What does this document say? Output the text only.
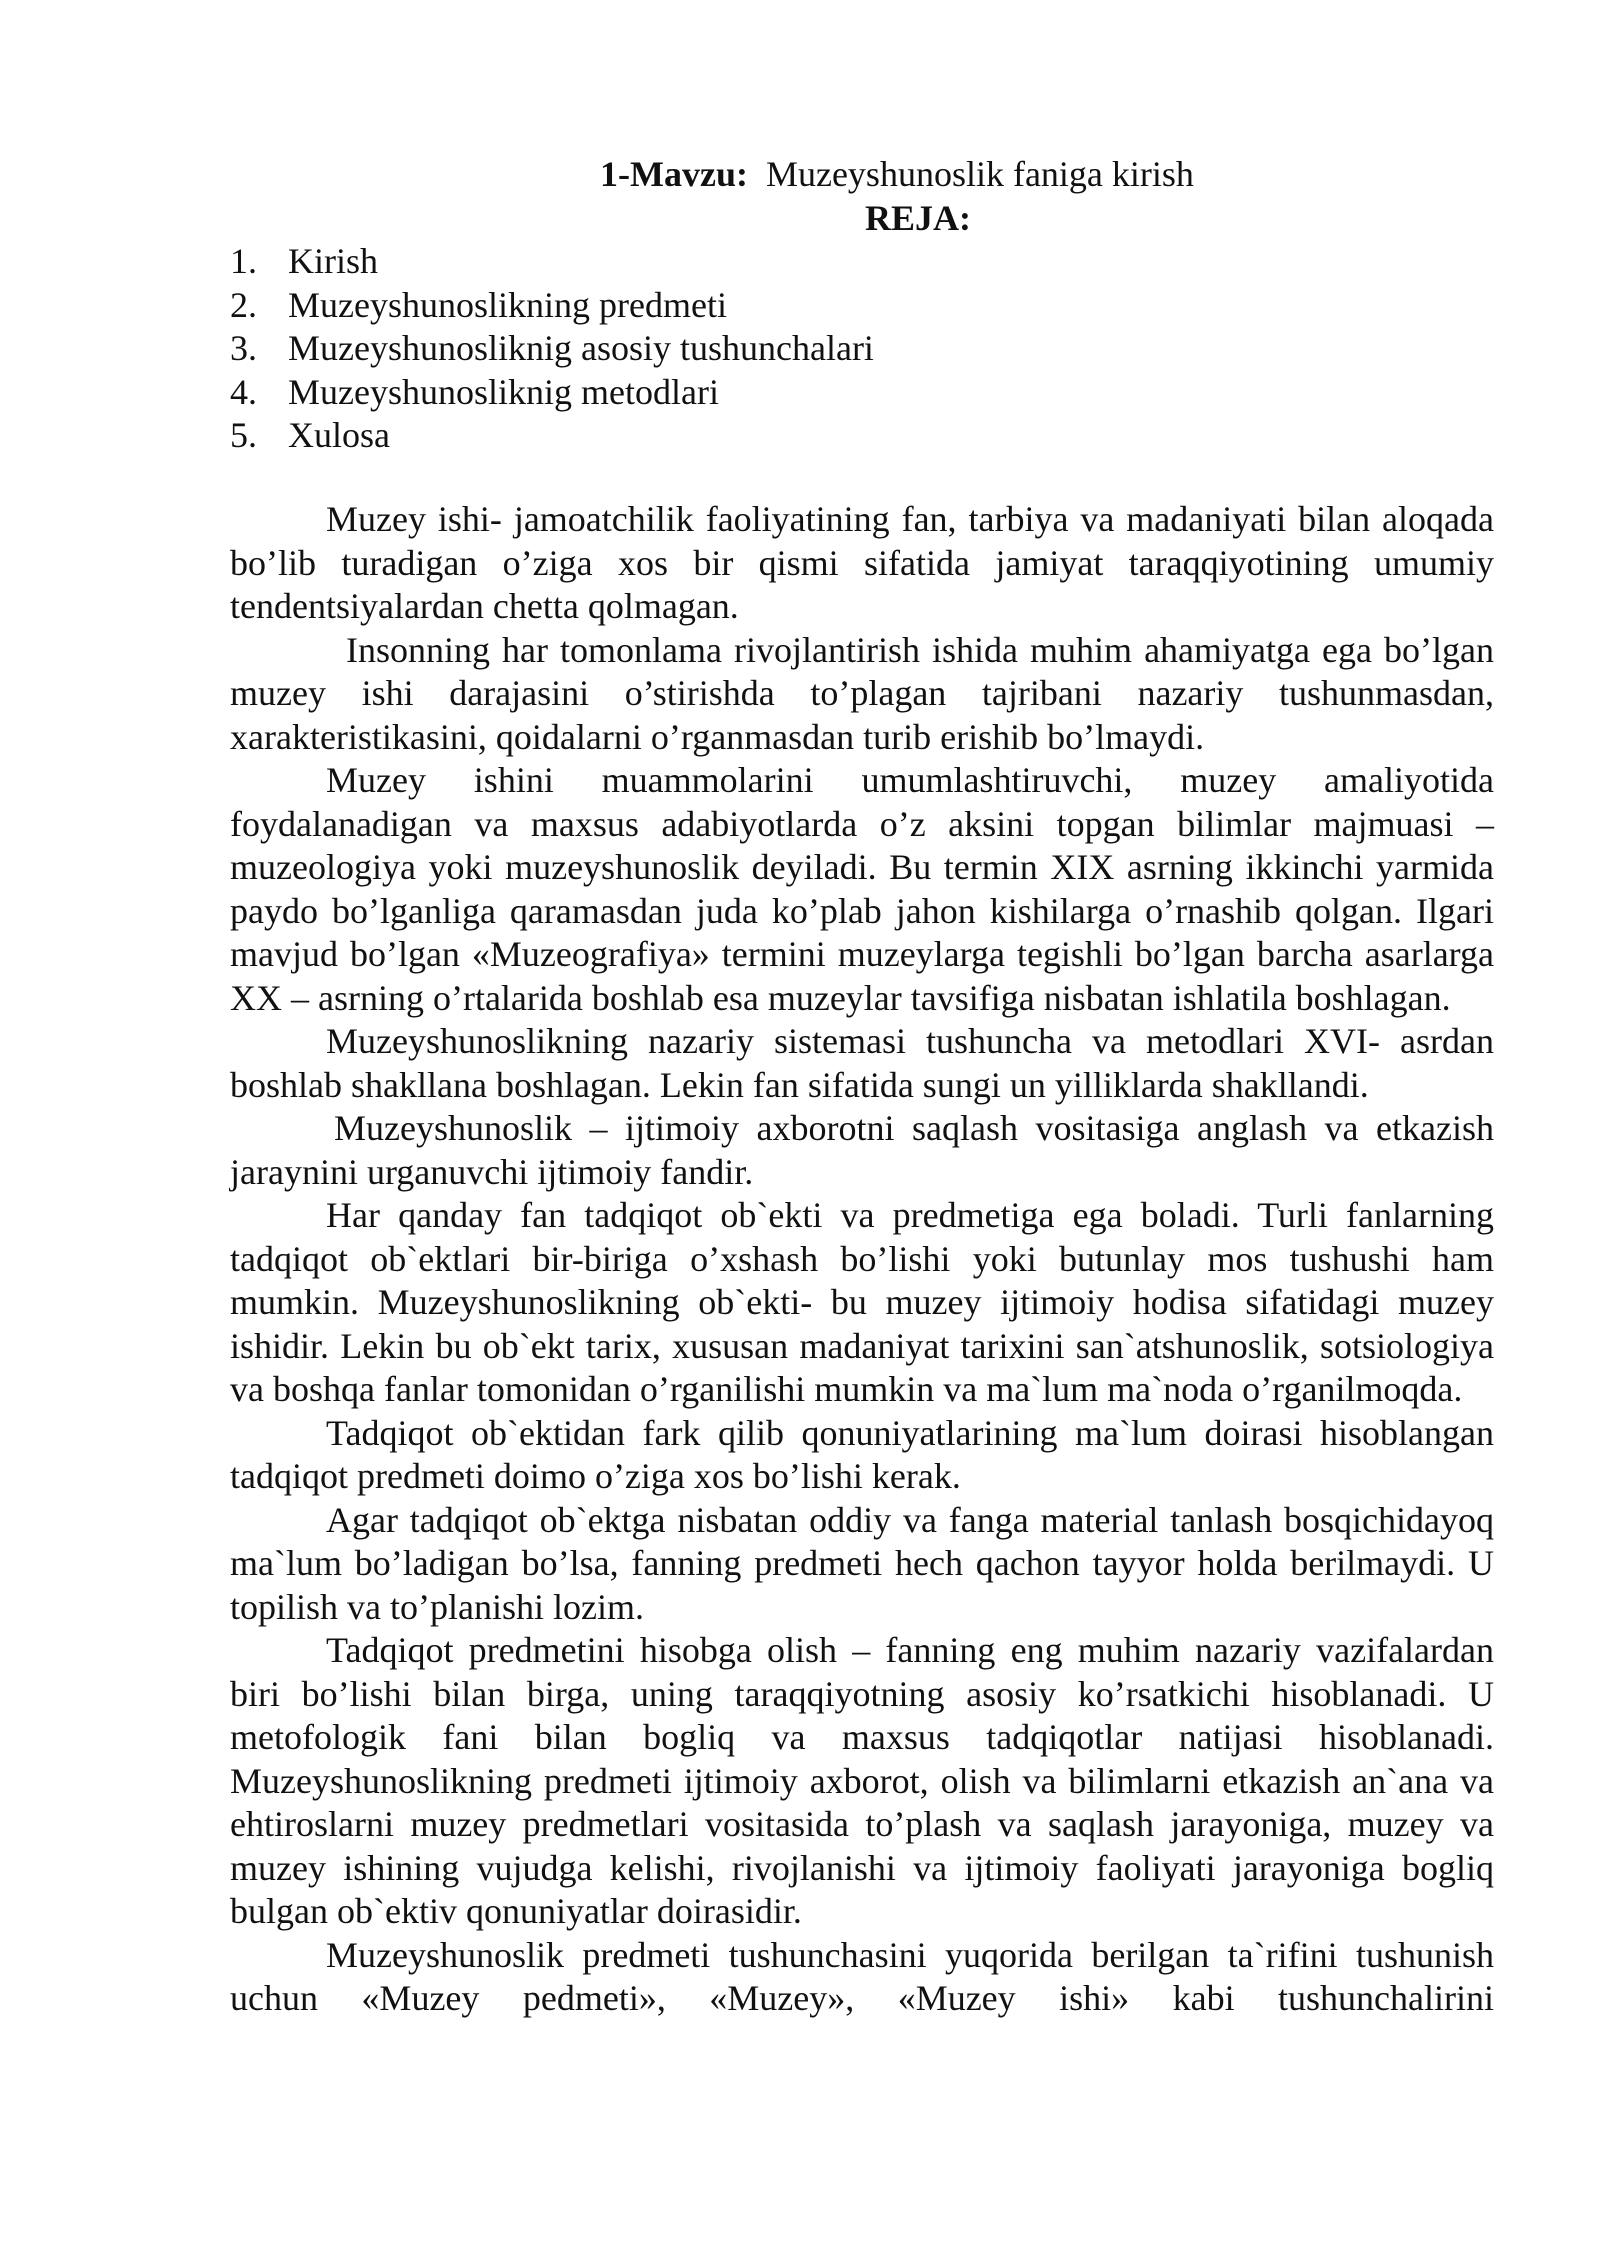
1-Mavzu: Muzeyshunoslik faniga kirish
REJA:
1. Kirish
2. Muzeyshunoslikning predmeti
3. Muzeyshunosliknig asosiy tushunchalari
4. Muzeyshunosliknig metodlari
5. Xulosa

Muzey ishi- jamoatchilik faoliyatining fan, tarbiya va madaniyati bilan aloqada bo’lib turadigan o’ziga xos bir qismi sifatida jamiyat taraqqiyotining umumiy tendentsiyalardan chetta qolmagan.

Insonning har tomonlama rivojlantirish ishida muhim ahamiyatga ega bo’lgan muzey ishi darajasini o’stirishda to’plagan tajribani nazariy tushunmasdan, xarakteristikasini, qoidalarni o’rganmasdan turib erishib bo’lmaydi.

Muzey ishini muammolarini umumlashtiruvchi, muzey amaliyotida foydalanadigan va maxsus adabiyotlarda o’z aksini topgan bilimlar majmuasi – muzeologiya yoki muzeyshunoslik deyiladi. Bu termin XIX asrning ikkinchi yarmida paydo bo’lganliga qaramasdan juda ko’plab jahon kishilarga o’rnashib qolgan. Ilgari mavjud bo’lgan «Muzeografiya» termini muzeylarga tegishli bo’lgan barcha asarlarga XX – asrning o’rtalarida boshlab esa muzeylar tavsifiga nisbatan ishlatila boshlagan.

Muzeyshunoslikning nazariy sistemasi tushuncha va metodlari XVI- asrdan boshlab shakllana boshlagan. Lekin fan sifatida sungi un yilliklarda shakllandi.

Muzeyshunoslik – ijtimoiy axborotni saqlash vositasiga anglash va etkazish jaraynini urganuvchi ijtimoiy fandir.

Har qanday fan tadqiqot ob`ekti va predmetiga ega boladi. Turli fanlarning tadqiqot ob`ektlari bir-biriga o’xshash bo’lishi yoki butunlay mos tushushi ham mumkin. Muzeyshunoslikning ob`ekti- bu muzey ijtimoiy hodisa sifatidagi muzey ishidir. Lekin bu ob`ekt tarix, xususan madaniyat tarixini san`atshunoslik, sotsiologiya va boshqa fanlar tomonidan o’rganilishi mumkin va ma`lum ma`noda o’rganilmoqda.

Tadqiqot ob`ektidan fark qilib qonuniyatlarining ma`lum doirasi hisoblangan tadqiqot predmeti doimo o’ziga xos bo’lishi kerak.

Agar tadqiqot ob`ektga nisbatan oddiy va fanga material tanlash bosqichidayoq ma`lum bo’ladigan bo’lsa, fanning predmeti hech qachon tayyor holda berilmaydi. U topilish va to’planishi lozim.

Tadqiqot predmetini hisobga olish – fanning eng muhim nazariy vazifalardan biri bo’lishi bilan birga, uning taraqqiyotning asosiy ko’rsatkichi hisoblanadi. U metofologik fani bilan bogliq va maxsus tadqiqotlar natijasi hisoblanadi. Muzeyshunoslikning predmeti ijtimoiy axborot, olish va bilimlarni etkazish an`ana va ehtiroslarni muzey predmetlari vositasida to’plash va saqlash jarayoniga, muzey va muzey ishining vujudga kelishi, rivojlanishi va ijtimoiy faoliyati jarayoniga bogliq bulgan ob`ektiv qonuniyatlar doirasidir.

Muzeyshunoslik predmeti tushunchasini yuqorida berilgan ta`rifini tushunish uchun «Muzey pedmeti», «Muzey», «Muzey ishi» kabi tushunchalirini
